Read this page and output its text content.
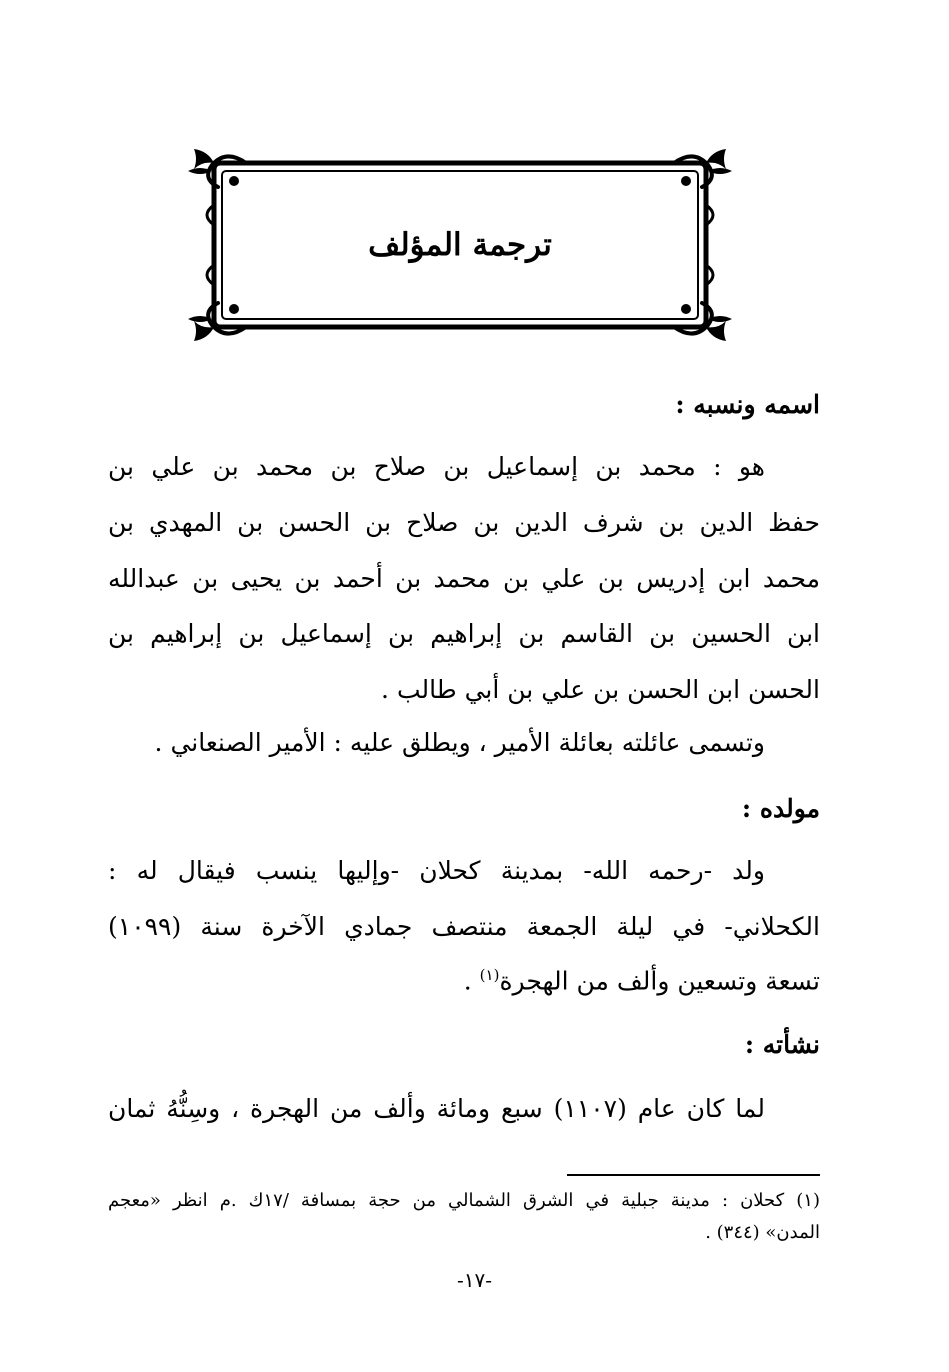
ترجمة المؤلف
اسمه ونسبه :
هو : محمد بن إسماعيل بن صلاح بن محمد بن علي بن
حفظ الدين بن شرف الدين بن صلاح بن الحسن بن المهدي بن
محمد ابن إدريس بن علي بن محمد بن أحمد بن يحيى بن عبدالله
ابن الحسين بن القاسم بن إبراهيم بن إسماعيل بن إبراهيم بن
الحسن ابن الحسن بن علي بن أبي طالب .
وتسمى عائلته بعائلة الأمير ، ويطلق عليه : الأمير الصنعاني .
مولده :
ولد -رحمه الله- بمدينة كحلان -وإليها ينسب فيقال له :
الكحلاني- في ليلة الجمعة منتصف جمادي الآخرة سنة (١٠٩٩)
تسعة وتسعين وألف من الهجرة$^{(١)}$ .
نشأته :
لما كان عام (١١٠٧) سبع ومائة وألف من الهجرة ، وسِنُّهُ ثمان
(١) كحلان : مدينة جبلية في الشرق الشمالي من حجة بمسافة /١٧ك .م انظر «معجم
المدن» (٣٤٤) .
-١٧-
